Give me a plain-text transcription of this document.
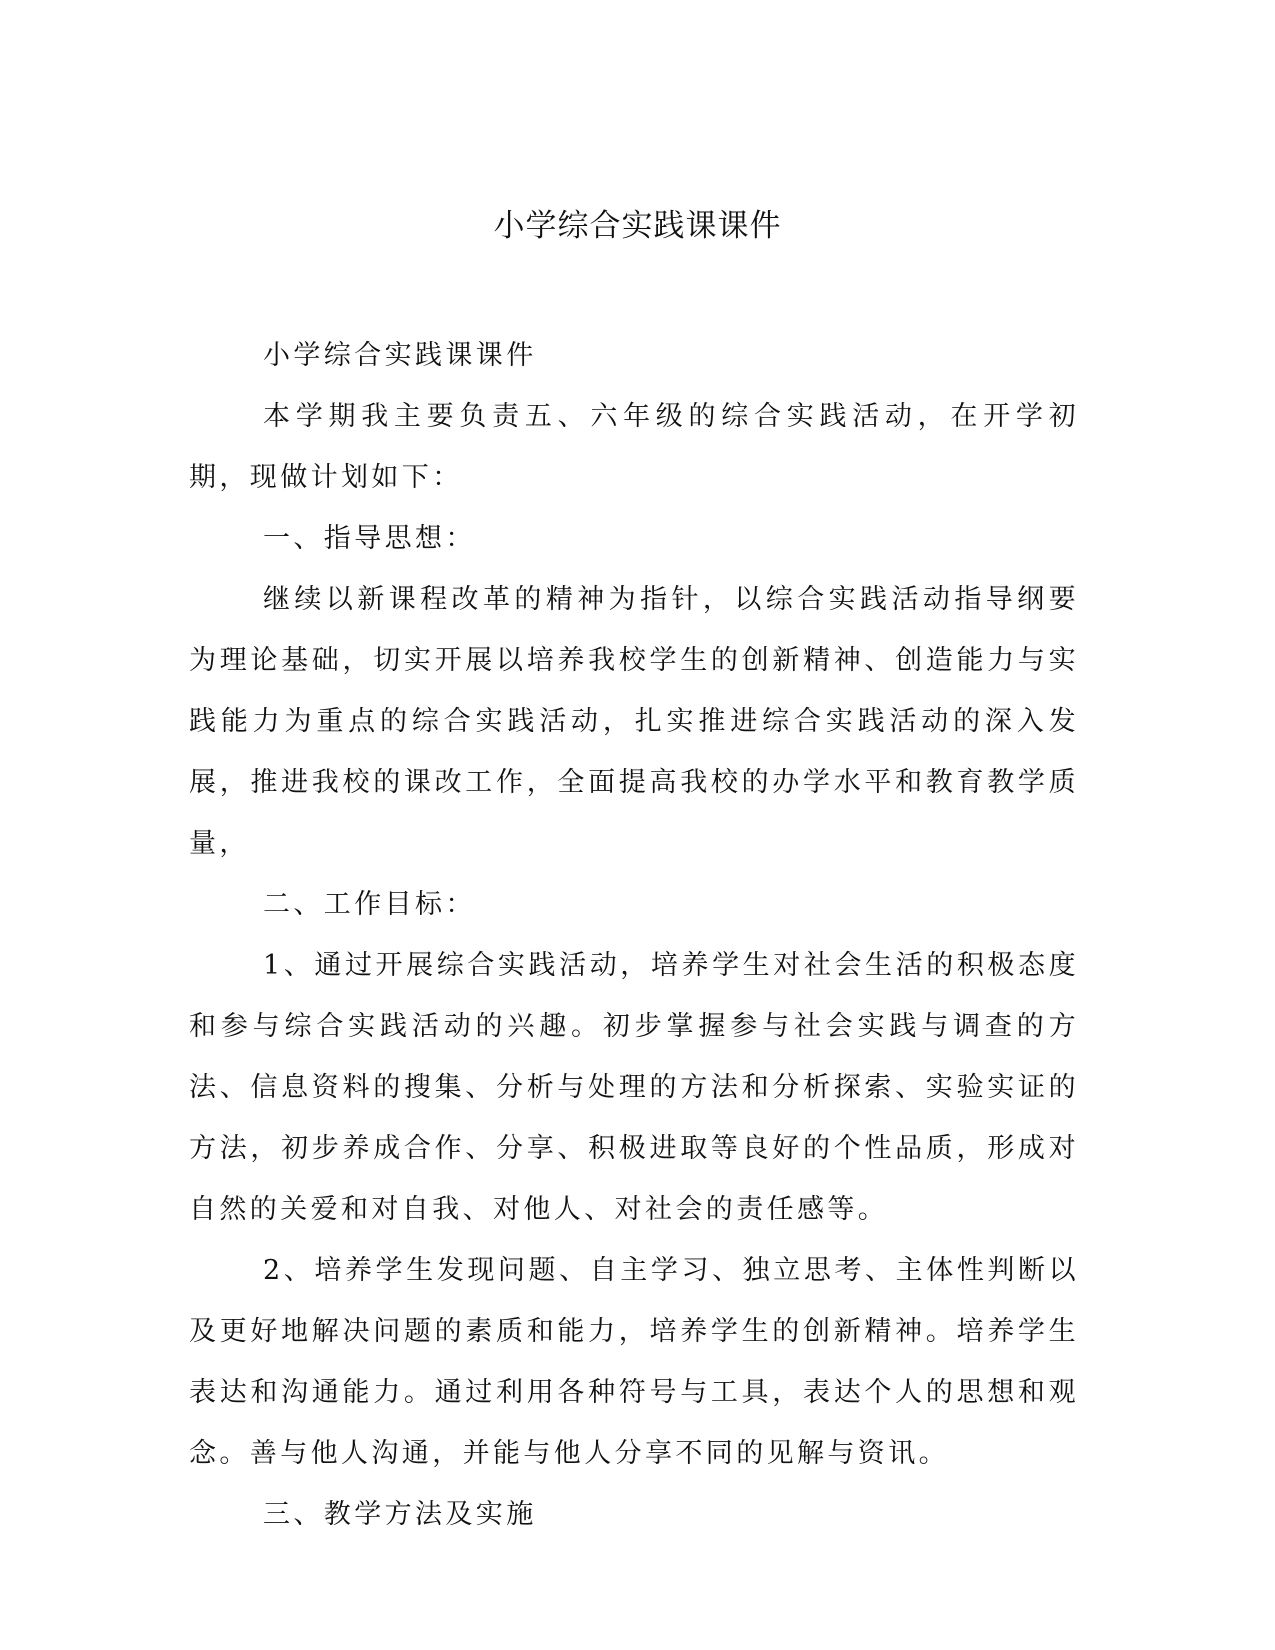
小学综合实践课课件

小学综合实践课课件

本学期我主要负责五、六年级的综合实践活动，在开学初期，现做计划如下：

一、指导思想：

继续以新课程改革的精神为指针，以综合实践活动指导纲要为理论基础，切实开展以培养我校学生的创新精神、创造能力与实践能力为重点的综合实践活动，扎实推进综合实践活动的深入发展，推进我校的课改工作，全面提高我校的办学水平和教育教学质量，

二、工作目标：

1、通过开展综合实践活动，培养学生对社会生活的积极态度和参与综合实践活动的兴趣。初步掌握参与社会实践与调查的方法、信息资料的搜集、分析与处理的方法和分析探索、实验实证的方法，初步养成合作、分享、积极进取等良好的个性品质，形成对自然的关爱和对自我、对他人、对社会的责任感等。

2、培养学生发现问题、自主学习、独立思考、主体性判断以及更好地解决问题的素质和能力，培养学生的创新精神。培养学生表达和沟通能力。通过利用各种符号与工具，表达个人的思想和观念。善与他人沟通，并能与他人分享不同的见解与资讯。

三、教学方法及实施
